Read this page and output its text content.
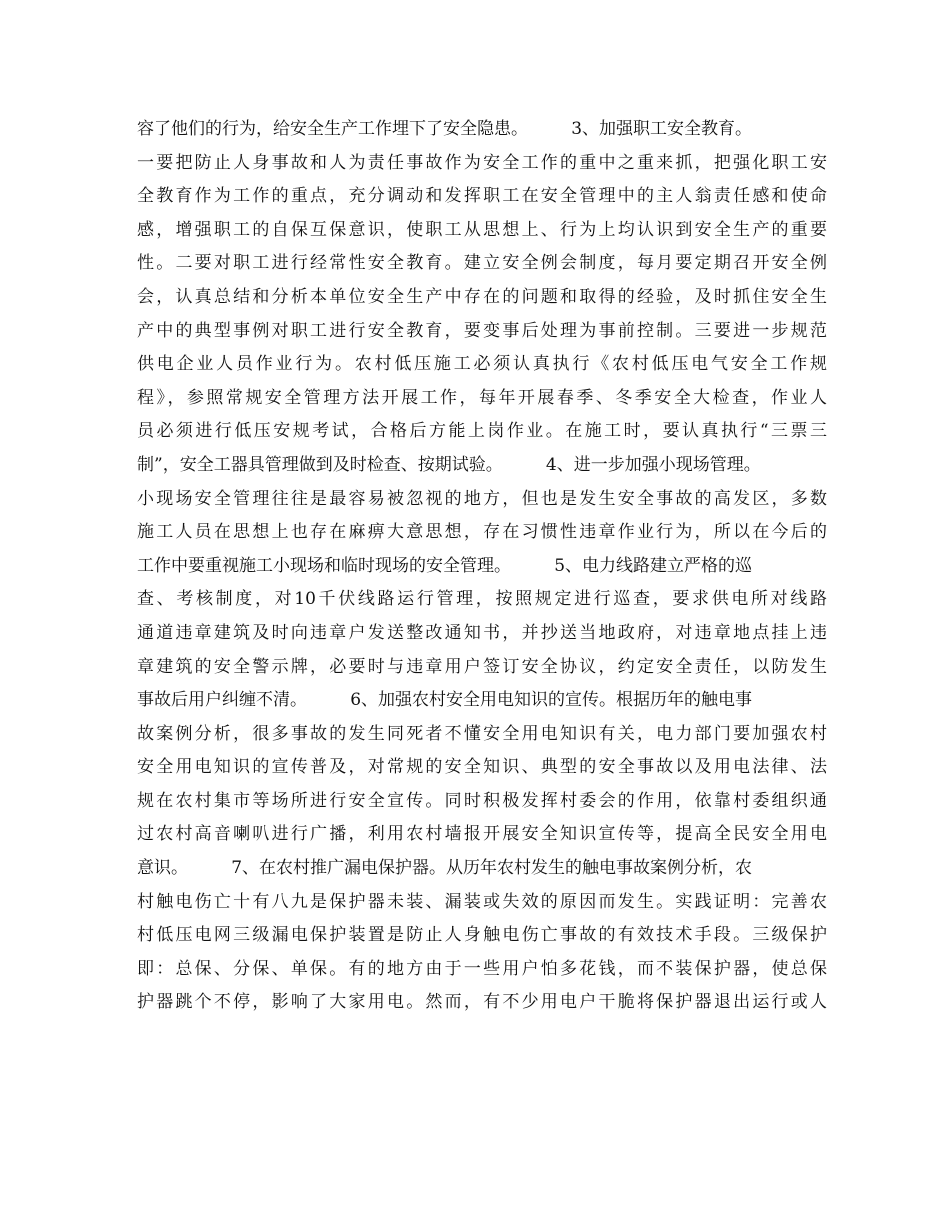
容了他们的行为，给安全生产工作埋下了安全隐患。        3、加强职工安全教育。
一要把防止人身事故和人为责任事故作为安全工作的重中之重来抓，把强化职工安
全教育作为工作的重点，充分调动和发挥职工在安全管理中的主人翁责任感和使命
感，增强职工的自保互保意识，使职工从思想上、行为上均认识到安全生产的重要
性。二要对职工进行经常性安全教育。建立安全例会制度，每月要定期召开安全例
会，认真总结和分析本单位安全生产中存在的问题和取得的经验，及时抓住安全生
产中的典型事例对职工进行安全教育，要变事后处理为事前控制。三要进一步规范
供电企业人员作业行为。农村低压施工必须认真执行《农村低压电气安全工作规
程》，参照常规安全管理方法开展工作，每年开展春季、冬季安全大检查，作业人
员必须进行低压安规考试，合格后方能上岗作业。在施工时，要认真执行“三票三
制”，安全工器具管理做到及时检查、按期试验。        4、进一步加强小现场管理。
小现场安全管理往往是最容易被忽视的地方，但也是发生安全事故的高发区，多数
施工人员在思想上也存在麻痹大意思想，存在习惯性违章作业行为，所以在今后的
工作中要重视施工小现场和临时现场的安全管理。        5、电力线路建立严格的巡
查、考核制度，对10千伏线路运行管理，按照规定进行巡查，要求供电所对线路
通道违章建筑及时向违章户发送整改通知书，并抄送当地政府，对违章地点挂上违
章建筑的安全警示牌，必要时与违章用户签订安全协议，约定安全责任，以防发生
事故后用户纠缠不清。        6、加强农村安全用电知识的宣传。根据历年的触电事
故案例分析，很多事故的发生同死者不懂安全用电知识有关，电力部门要加强农村
安全用电知识的宣传普及，对常规的安全知识、典型的安全事故以及用电法律、法
规在农村集市等场所进行安全宣传。同时积极发挥村委会的作用，依靠村委组织通
过农村高音喇叭进行广播，利用农村墙报开展安全知识宣传等，提高全民安全用电
意识。        7、在农村推广漏电保护器。从历年农村发生的触电事故案例分析，农
村触电伤亡十有八九是保护器未装、漏装或失效的原因而发生。实践证明：完善农
村低压电网三级漏电保护装置是防止人身触电伤亡事故的有效技术手段。三级保护
即：总保、分保、单保。有的地方由于一些用户怕多花钱，而不装保护器，使总保
护器跳个不停，影响了大家用电。然而，有不少用电户干脆将保护器退出运行或人
